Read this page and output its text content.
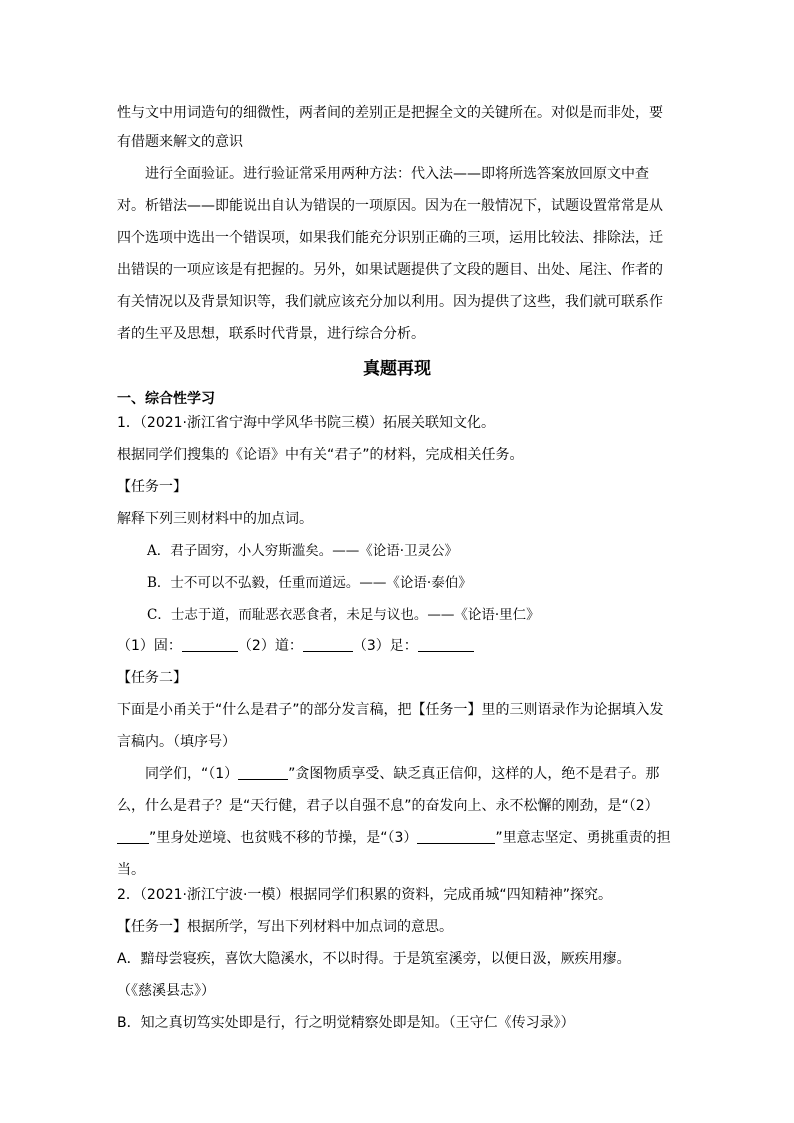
性与文中用词造句的细微性，两者间的差别正是把握全文的关键所在。对似是而非处，要
有借题来解文的意识
进行全面验证。进行验证常采用两种方法：代入法——即将所选答案放回原文中查
对。析错法——即能说出自认为错误的一项原因。因为在一般情况下，试题设置常常是从
四个选项中选出一个错误项，如果我们能充分识别正确的三项，运用比较法、排除法，迁
出错误的一项应该是有把握的。另外，如果试题提供了文段的题目、出处、尾注、作者的
有关情况以及背景知识等，我们就应该充分加以利用。因为提供了这些，我们就可联系作
者的生平及思想，联系时代背景，进行综合分析。
真题再现
一、综合性学习
1．（2021·浙江省宁海中学风华书院三模）拓展关联知文化。
根据同学们搜集的《论语》中有关“君子”的材料，完成相关任务。
【任务一】
解释下列三则材料中的加点词。
A．君子固穷，小人穷斯滥矣。——《论语·卫灵公》
B．士不可以不弘毅，任重而道远。——《论语·泰伯》
C．士志于道，而耻恶衣恶食者，未足与议也。——《论语·里仁》
（1）固：	（2）道：	（3）足：
【任务二】
下面是小甬关于“什么是君子”的部分发言稿，把【任务一】里的三则语录作为论据填入发
言稿内。（填序号）
同学们，“（1）	”贪图物质享受、缺乏真正信仰，这样的人，绝不是君子。那
么，什么是君子？是“天行健，君子以自强不息”的奋发向上、永不松懈的刚劲，是“（2）
”里身处逆境、也贫贱不移的节操，是“（3）	”里意志坚定、勇挑重责的担
当。
2．（2021·浙江宁波·一模）根据同学们积累的资料，完成甬城“四知精神”探究。
【任务一】根据所学，写出下列材料中加点词的意思。
A．黯母尝寝疾，喜饮大隐溪水，不以时得。于是筑室溪旁，以便日汲，厥疾用瘳。
（《慈溪县志》）
B．知之真切笃实处即是行，行之明觉精察处即是知。（王守仁《传习录》）
